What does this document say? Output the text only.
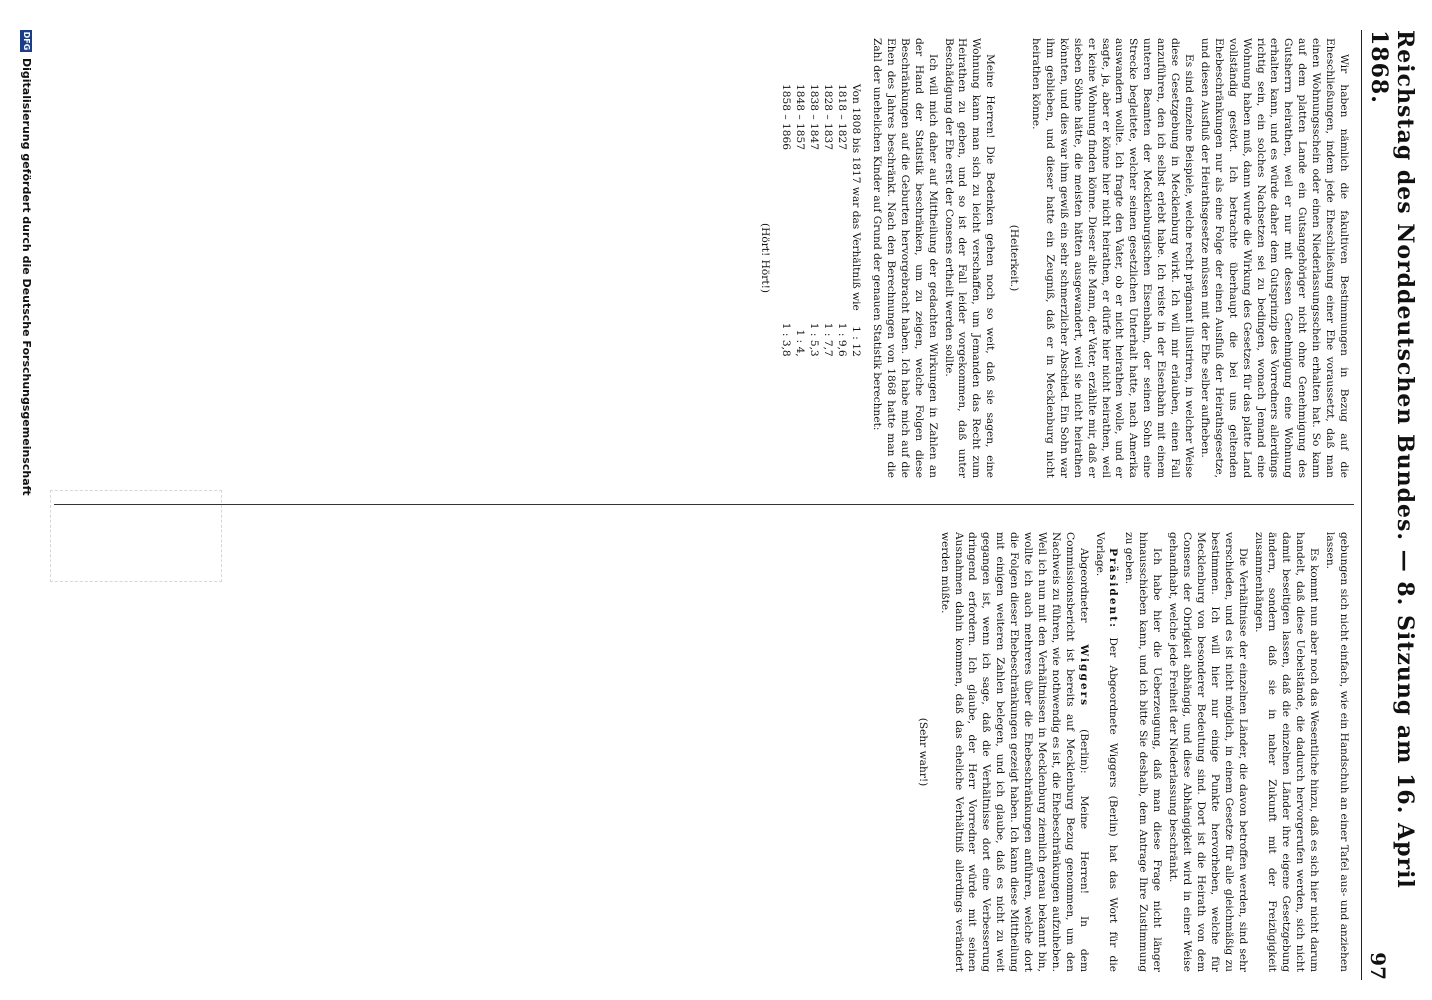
Reichstag des Norddeutschen Bundes. — 8. Sitzung am 16. April 1868.
97

Wir haben nämlich die fakultiven Bestimmungen in Bezug auf die Eheschließungen, indem jede Eheschließung einer Ehe voraussetzt, daß man einen Wohnungsschein oder einen Niederlassungsschein erhalten hat. So kann auf dem platten Lande ein Gutsangehöriger nicht ohne Genehmigung des Gutsherrn heirathen, weil er nur mit dessen Genehmigung eine Wohnung erhalten kann, und es würde daher dem Gutsprinzip des Vorredners allerdings richtig sein, ein solches Nachsetzen sei zu bedingen, wonach Jemand eine Wohnung haben muß, dann wurde die Wirkung des Gesetzes für das platte Land vollständig gestört. Ich betrachte überhaupt die bei uns geltenden Ehebeschränkungen nur als eine Folge der einen Ausfluß der Heirathsgesetze, und diesen Ausfluß der Heirathsgesetze müssen mit der Ehe selber aufheben.

Es sind einzelne Beispiele, welche recht prägnant illustriren, in welcher Weise diese Gesetzgebung in Mecklenburg wirkt. Ich will mir erlauben, einen Fall anzuführen, den ich selbst erlebt habe. Ich reiste in der Eisenbahn mit einem unteren Beamten der Mecklenburgischen Eisenbahn, der seinen Sohn eine Strecke begleitete, welcher seinen gesetzlichen Unterhalt hatte, nach Amerika auswandern wollte. Ich fragte den Vater, ob er nicht heirathen wolle, und er sagte, ja, aber er könne hier nicht heirathen, er dürfe hier nicht heirathen, weil er keine Wohnung finden könne. Dieser alte Mann, der Vater, erzählte mir, daß er sieben Söhne hätte, die meisten hätten ausgewandert, weil sie nicht heirathen könnten, und dies war ihm gewiß ein sehr schmerzlicher Abschied. Ein Sohn war ihm geblieben, und dieser hatte ein Zeugniß, daß er in Mecklenburg nicht heirathen könne.

(Heiterkeit.)

Meine Herren! Die Bedenken gehen noch so weit, daß sie sagen, eine Wohnung kann man sich zu leicht verschaffen, um Jemanden das Recht zum Heirathen zu geben, und so ist der Fall leider vorgekommen, daß unter Beschädigung der Ehe erst der Consens ertheilt werden sollte.

Ich will mich daher auf Mittheilung der gedachten Wirkungen in Zahlen an der Hand der Statistik beschränken, um zu zeigen, welche Folgen diese Beschränkungen auf die Geburten hervorgebracht haben. Ich habe mich auf die Ehen des Jahres beschränkt. Nach den Berechnungen von 1868 hatte man die Zahl der unehelichen Kinder auf Grund der genauen Statistik berechnet:

Von 1808 bis 1817 war das Verhältniß wie	1 : 12
1818 – 1827	1 : 9,6
1828 – 1837	1 : 7,7
1838 – 1847	1 : 5,3
1848 – 1857	1 : 4,
1858 – 1866	1 : 3,8
(Hört! Hört!)

gebungen sich nicht einfach, wie ein Handschuh an einer Tafel aus- und anziehen lassen.

Es kommt nun aber noch das Wesentliche hinzu, daß es sich hier nicht darum handelt, daß diese Uebelstände, die dadurch hervorgerufen werden, sich nicht damit beseitigen lassen, daß die einzelnen Länder ihre eigene Gesetzgebung ändern, sondern daß sie in naher Zukunft mit der Freizügigkeit zusammenhängen.

Die Verhältnisse der einzelnen Länder, die davon betroffen werden, sind sehr verschieden, und es ist nicht möglich, in einem Gesetze für alle gleichmäßig zu bestimmen. Ich will hier nur einige Punkte hervorheben, welche für Mecklenburg von besonderer Bedeutung sind. Dort ist die Heirath von dem Consens der Obrigkeit abhängig, und diese Abhängigkeit wird in einer Weise gehandhabt, welche jede Freiheit der Niederlassung beschränkt.

Ich habe hier die Ueberzeugung, daß man diese Frage nicht länger hinausschieben kann, und ich bitte Sie deshalb, dem Antrage Ihre Zustimmung zu geben.

Präsident: Der Abgeordnete Wiggers (Berlin) hat das Wort für die Vorlage.

Abgeordneter Wiggers (Berlin): Meine Herren! In dem Commissionsbericht ist bereits auf Mecklenburg Bezug genommen, um den Nachweis zu führen, wie nothwendig es ist, die Ehebeschränkungen aufzuheben. Weil ich nun mit den Verhältnissen in Mecklenburg ziemlich genau bekannt bin, wollte ich auch mehreres über die Ehebeschränkungen anführen, welche dort die Folgen dieser Ehebeschränkungen gezeigt haben. Ich kann diese Mittheilung mit einigen weiteren Zahlen belegen, und ich glaube, daß es nicht zu weit gegangen ist, wenn ich sage, daß die Verhältnisse dort eine Verbesserung dringend erfordern. Ich glaube, der Herr Vorredner würde mit seinen Ausnahmen dahin kommen, daß das eheliche Verhältniß allerdings verändert werden müßte.

(Sehr wahr!)
DFG
Digitalisierung gefördert durch die Deutsche Forschungsgemeinschaft
